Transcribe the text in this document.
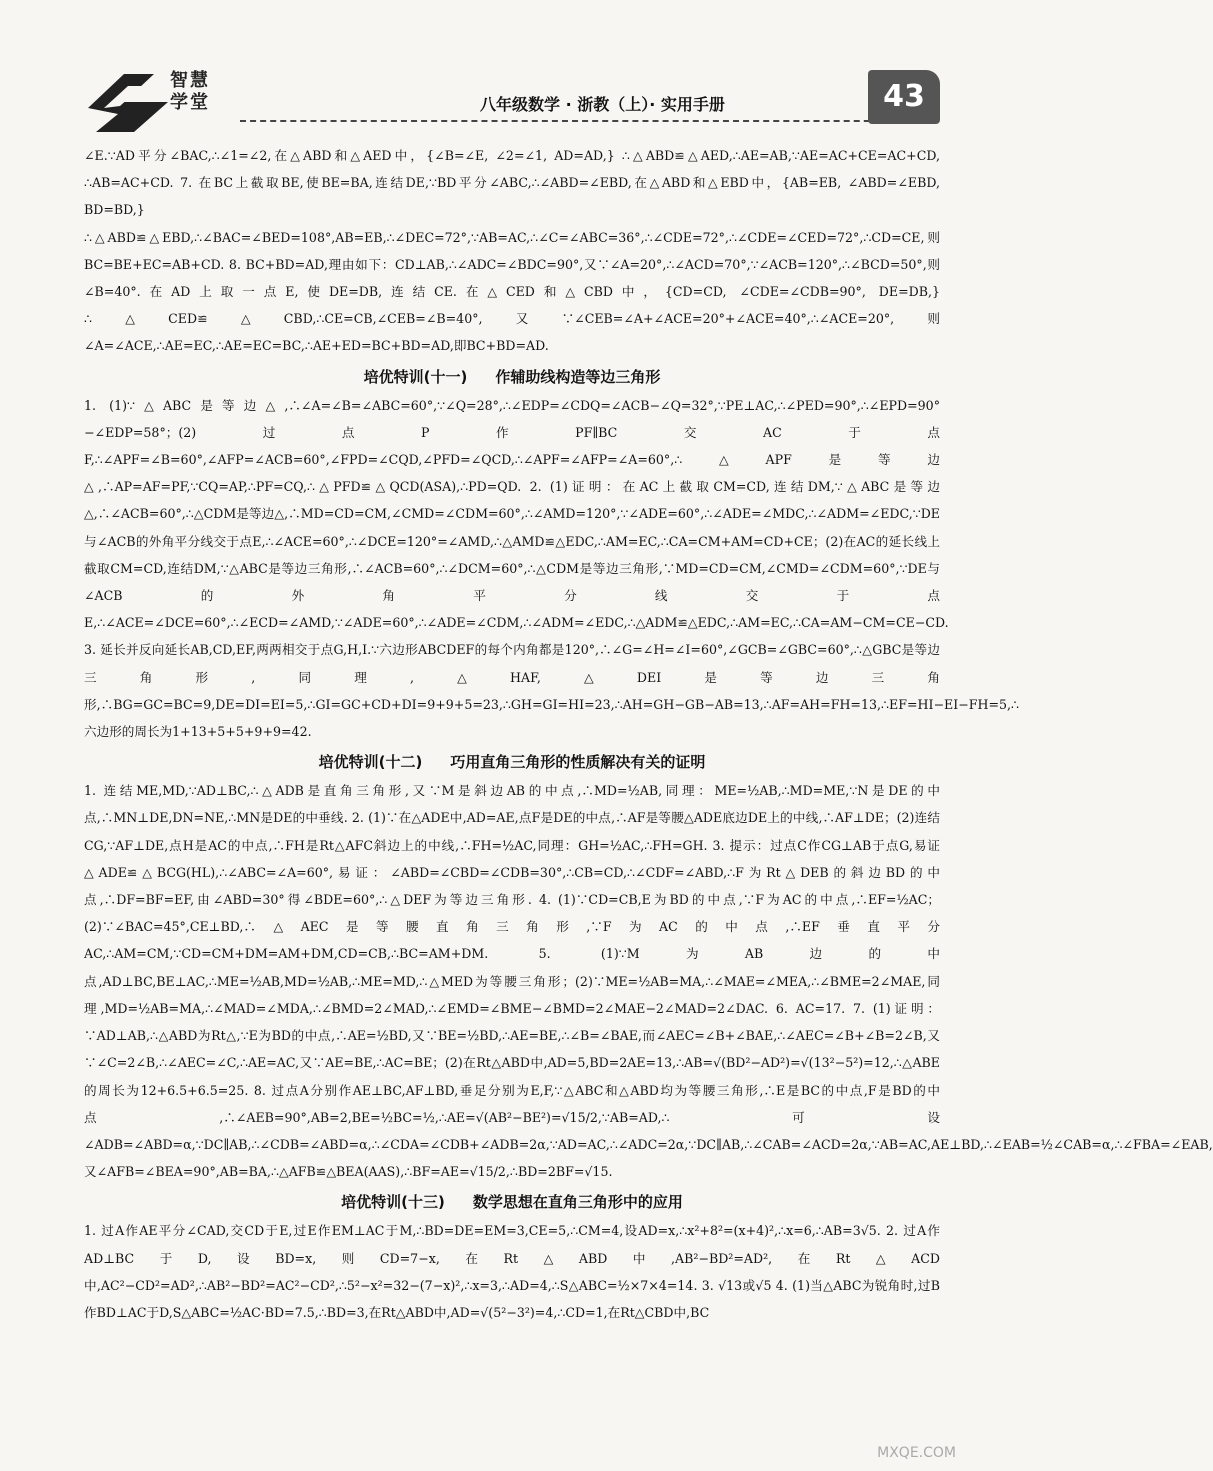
智慧
学堂	八年级数学 · 浙教（上）· 实用手册	43

∠E.∵AD平分∠BAC,∴∠1=∠2,在△ABD和△AED中，{∠B=∠E, ∠2=∠1, AD=AD,} ∴△ABD≌△AED,∴AE=AB,∵AE=AC+CE=AC+CD, ∴AB=AC+CD. 7. 在BC上截取BE,使BE=BA,连结DE,∵BD平分∠ABC,∴∠ABD=∠EBD,在△ABD和△EBD中，{AB=EB, ∠ABD=∠EBD, BD=BD,} ∴△ABD≌△EBD,∴∠BAC=∠BED=108°,AB=EB,∴∠DEC=72°,∵AB=AC,∴∠C=∠ABC=36°,∴∠CDE=72°,∴∠CDE=∠CED=72°,∴CD=CE,则BC=BE+EC=AB+CD. 8. BC+BD=AD,理由如下：CD⊥AB,∴∠ADC=∠BDC=90°,又∵∠A=20°,∴∠ACD=70°,∵∠ACB=120°,∴∠BCD=50°,则∠B=40°.在AD上取一点E,使DE=DB,连结CE.在△CED和△CBD中，{CD=CD, ∠CDE=∠CDB=90°, DE=DB,} ∴△CED≌△CBD,∴CE=CB,∠CEB=∠B=40°,又∵∠CEB=∠A+∠ACE=20°+∠ACE=40°,∴∠ACE=20°,则∠A=∠ACE,∴AE=EC,∴AE=EC=BC,∴AE+ED=BC+BD=AD,即BC+BD=AD.

培优特训(十一) 作辅助线构造等边三角形

1. (1)∵△ABC是等边△,∴∠A=∠B=∠ABC=60°,∵∠Q=28°,∴∠EDP=∠CDQ=∠ACB−∠Q=32°,∵PE⊥AC,∴∠PED=90°,∴∠EPD=90°−∠EDP=58°；(2)过点P作PF∥BC交AC于点F,∴∠APF=∠B=60°,∠AFP=∠ACB=60°,∠FPD=∠CQD,∠PFD=∠QCD,∴∠APF=∠AFP=∠A=60°,∴△APF是等边△,∴AP=AF=PF,∵CQ=AP,∴PF=CQ,∴△PFD≌△QCD(ASA),∴PD=QD. 2. (1)证明：在AC上截取CM=CD,连结DM,∵△ABC是等边△,∴∠ACB=60°,∴△CDM是等边△,∴MD=CD=CM,∠CMD=∠CDM=60°,∴∠AMD=120°,∵∠ADE=60°,∴∠ADE=∠MDC,∴∠ADM=∠EDC,∵DE与∠ACB的外角平分线交于点E,∴∠ACE=60°,∴∠DCE=120°=∠AMD,∴△AMD≌△EDC,∴AM=EC,∴CA=CM+AM=CD+CE；(2)在AC的延长线上截取CM=CD,连结DM,∵△ABC是等边三角形,∴∠ACB=60°,∴∠DCM=60°,∴△CDM是等边三角形,∵MD=CD=CM,∠CMD=∠CDM=60°,∵DE与∠ACB的外角平分线交于点E,∴∠ACE=∠DCE=60°,∴∠ECD=∠AMD,∵∠ADE=60°,∴∠ADE=∠CDM,∴∠ADM=∠EDC,∴△ADM≌△EDC,∴AM=EC,∴CA=AM−CM=CE−CD. 3. 延长并反向延长AB,CD,EF,两两相交于点G,H,I.∵六边形ABCDEF的每个内角都是120°,∴∠G=∠H=∠I=60°,∠GCB=∠GBC=60°,∴△GBC是等边三角形,同理,△HAF,△DEI是等边三角形,∴BG=GC=BC=9,DE=DI=EI=5,∴GI=GC+CD+DI=9+9+5=23,∴GH=GI=HI=23,∴AH=GH−GB−AB=13,∴AF=AH=FH=13,∴EF=HI−EI−FH=5,∴六边形的周长为1+13+5+5+9+9=42.

培优特训(十二) 巧用直角三角形的性质解决有关的证明

1. 连结ME,MD,∵AD⊥BC,∴△ADB是直角三角形,又∵M是斜边AB的中点,∴MD=½AB,同理：ME=½AB,∴MD=ME,∵N是DE的中点,∴MN⊥DE,DN=NE,∴MN是DE的中垂线. 2. (1)∵在△ADE中,AD=AE,点F是DE的中点,∴AF是等腰△ADE底边DE上的中线,∴AF⊥DE；(2)连结CG,∵AF⊥DE,点H是AC的中点,∴FH是Rt△AFC斜边上的中线,∴FH=½AC,同理：GH=½AC,∴FH=GH. 3. 提示：过点C作CG⊥AB于点G,易证△ADE≌△BCG(HL),∴∠ABC=∠A=60°,易证：∠ABD=∠CBD=∠CDB=30°,∴CB=CD,∴∠CDF=∠ABD,∴F为Rt△DEB的斜边BD的中点,∴DF=BF=EF,由∠ABD=30°得∠BDE=60°,∴△DEF为等边三角形. 4. (1)∵CD=CB,E为BD的中点,∵F为AC的中点,∴EF=½AC；(2)∵∠BAC=45°,CE⊥BD,∴△AEC是等腰直角三角形,∵F为AC的中点,∴EF垂直平分AC,∴AM=CM,∵CD=CM+DM=AM+DM,CD=CB,∴BC=AM+DM. 5. (1)∵M为AB边的中点,AD⊥BC,BE⊥AC,∴ME=½AB,MD=½AB,∴ME=MD,∴△MED为等腰三角形；(2)∵ME=½AB=MA,∴∠MAE=∠MEA,∴∠BME=2∠MAE,同理,MD=½AB=MA,∴∠MAD=∠MDA,∴∠BMD=2∠MAD,∴∠EMD=∠BME−∠BMD=2∠MAE−2∠MAD=2∠DAC. 6. AC=17. 7. (1)证明：∵AD⊥AB,∴△ABD为Rt△,∵E为BD的中点,∴AE=½BD,又∵BE=½BD,∴AE=BE,∴∠B=∠BAE,而∠AEC=∠B+∠BAE,∴∠AEC=∠B+∠B=2∠B,又∵∠C=2∠B,∴∠AEC=∠C,∴AE=AC,又∵AE=BE,∴AC=BE；(2)在Rt△ABD中,AD=5,BD=2AE=13,∴AB=√(BD²−AD²)=√(13²−5²)=12,∴△ABE的周长为12+6.5+6.5=25. 8. 过点A分别作AE⊥BC,AF⊥BD,垂足分别为E,F,∵△ABC和△ABD均为等腰三角形,∴E是BC的中点,F是BD的中点,∴∠AEB=90°,AB=2,BE=½BC=½,∴AE=√(AB²−BE²)=√15/2,∵AB=AD,∴可设∠ADB=∠ABD=α,∵DC∥AB,∴∠CDB=∠ABD=α,∴∠CDA=∠CDB+∠ADB=2α,∵AD=AC,∴∠ADC=2α,∵DC∥AB,∴∠CAB=∠ACD=2α,∵AB=AC,AE⊥BD,∴∠EAB=½∠CAB=α,∴∠FBA=∠EAB,又∠AFB=∠BEA=90°,AB=BA,∴△AFB≌△BEA(AAS),∴BF=AE=√15/2,∴BD=2BF=√15.

培优特训(十三) 数学思想在直角三角形中的应用

1. 过A作AE平分∠CAD,交CD于E,过E作EM⊥AC于M,∴BD=DE=EM=3,CE=5,∴CM=4,设AD=x,∴x²+8²=(x+4)²,∴x=6,∴AB=3√5. 2. 过A作AD⊥BC于D,设BD=x,则CD=7−x,在Rt△ABD中,AB²−BD²=AD²,在Rt△ACD中,AC²−CD²=AD²,∴AB²−BD²=AC²−CD²,∴5²−x²=32−(7−x)²,∴x=3,∴AD=4,∴S△ABC=½×7×4=14. 3. √13或√5 4. (1)当△ABC为锐角时,过B作BD⊥AC于D,S△ABC=½AC·BD=7.5,∴BD=3,在Rt△ABD中,AD=√(5²−3²)=4,∴CD=1,在Rt△CBD中,BC

MXQE.COM
